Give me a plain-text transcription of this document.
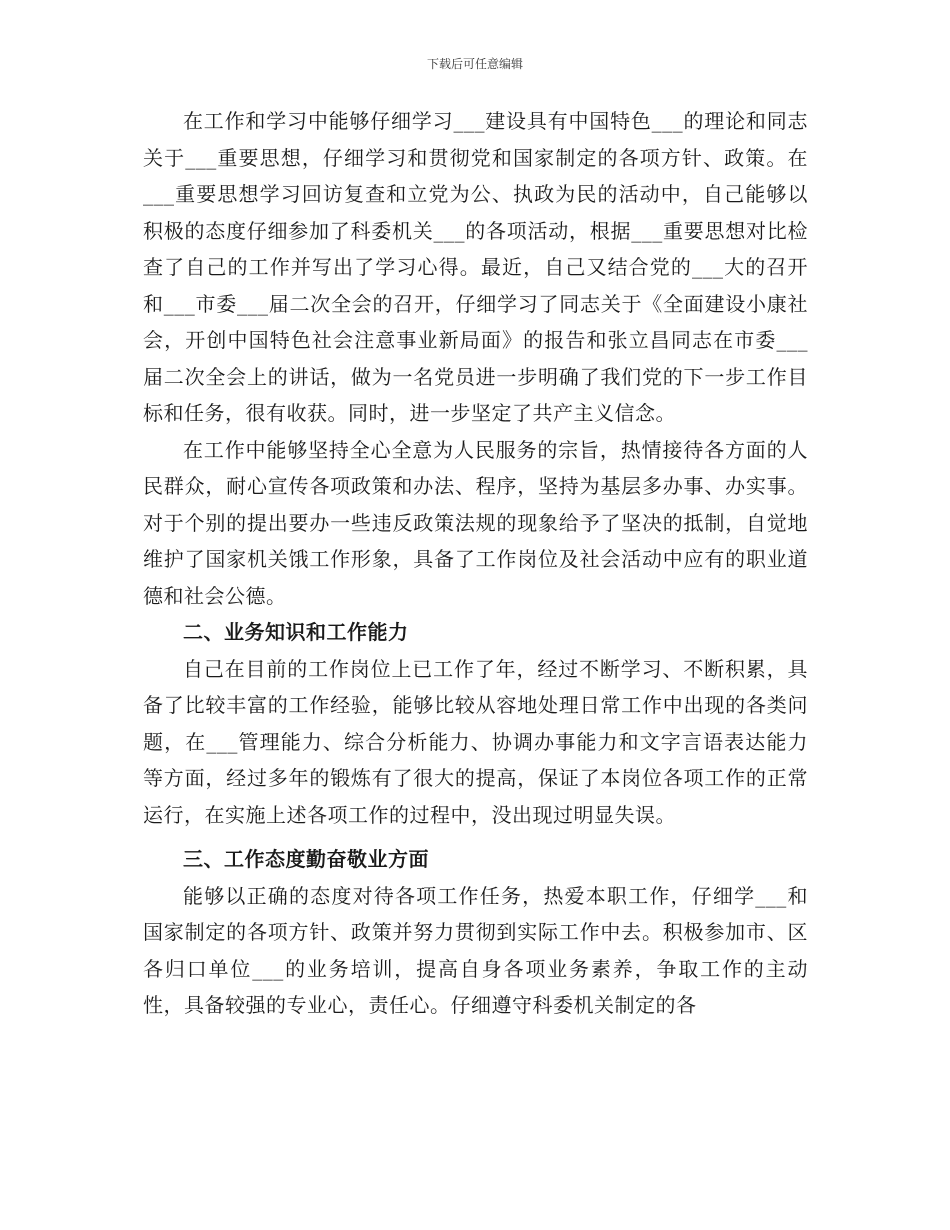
下载后可任意编辑

在工作和学习中能够仔细学习___建设具有中国特色___的理论和同志关于___重要思想，仔细学习和贯彻党和国家制定的各项方针、政策。在___重要思想学习回访复查和立党为公、执政为民的活动中，自己能够以积极的态度仔细参加了科委机关___的各项活动，根据___重要思想对比检查了自己的工作并写出了学习心得。最近，自己又结合党的___大的召开和___市委___届二次全会的召开，仔细学习了同志关于《全面建设小康社会，开创中国特色社会注意事业新局面》的报告和张立昌同志在市委___届二次全会上的讲话，做为一名党员进一步明确了我们党的下一步工作目标和任务，很有收获。同时，进一步坚定了共产主义信念。

在工作中能够坚持全心全意为人民服务的宗旨，热情接待各方面的人民群众，耐心宣传各项政策和办法、程序，坚持为基层多办事、办实事。对于个别的提出要办一些违反政策法规的现象给予了坚决的抵制，自觉地维护了国家机关饿工作形象，具备了工作岗位及社会活动中应有的职业道德和社会公德。

二、业务知识和工作能力

自己在目前的工作岗位上已工作了年，经过不断学习、不断积累，具备了比较丰富的工作经验，能够比较从容地处理日常工作中出现的各类问题，在___管理能力、综合分析能力、协调办事能力和文字言语表达能力等方面，经过多年的锻炼有了很大的提高，保证了本岗位各项工作的正常运行，在实施上述各项工作的过程中，没出现过明显失误。

三、工作态度勤奋敬业方面

能够以正确的态度对待各项工作任务，热爱本职工作，仔细学___和国家制定的各项方针、政策并努力贯彻到实际工作中去。积极参加市、区各归口单位___的业务培训，提高自身各项业务素养，争取工作的主动性，具备较强的专业心，责任心。仔细遵守科委机关制定的各
